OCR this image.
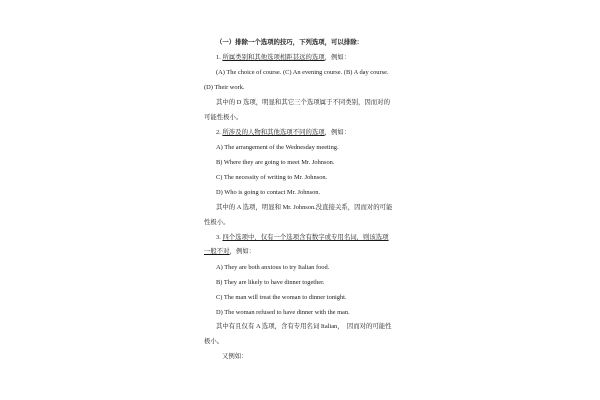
（一）排除一个选项的技巧，下列选项，可以排除：
1. 所属类别和其他选项相距甚远的选项，例如：
(A) The choice of course. (C) An evening course. (B) A day course.
(D) Their work.
其中的 D 选项，明显和其它三个选项属于不同类别，因而对的
可能性极小。
2. 所涉及的人物和其他选项不同的选项，例如：
A) The arrangement of the Wednesday meeting.
B) Where they are going to meet Mr. Johnson.
C) The necessity of writing to Mr. Johnson.
D) Who is going to contact Mr. Johnson.
其中的 A 选项，明显和 Mr. Johnson.没直接关系，因而对的可能
性极小。
3. 四个选项中，仅有一个选项含有数字或专用名词，则该选项
一般不对，例如：
A) They are both anxious to try Italian food.
B) They are likely to have dinner together.
C) The man will treat the woman to dinner tonight.
D) The woman refused to have dinner with the man.
其中有且仅有 A 选项，含有专用名词 Italian，　因而对的可能性
极小。
又例如：
